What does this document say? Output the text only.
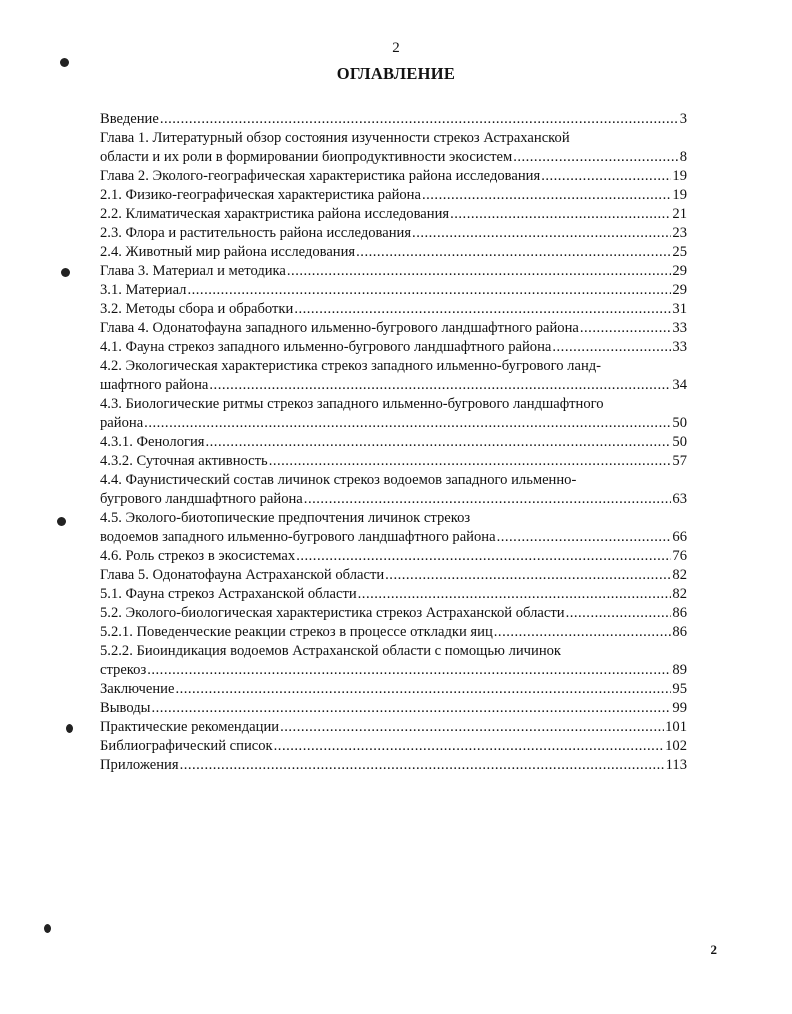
2
ОГЛАВЛЕНИЕ
Введение .....	3
Глава 1. Литературный обзор состояния изученности стрекоз Астраханской
области и их роли в формировании биопродуктивности экосистем .....	8
Глава 2. Эколого-географическая характеристика района исследования .....	19
2.1. Физико-географическая характеристика района .....	19
2.2. Климатическая характристика района исследования .....	21
2.3. Флора и растительность района исследования .....	23
2.4. Животный мир района исследования .....	25
Глава 3. Материал и методика .....	29
3.1. Материал .....	29
3.2. Методы сбора и обработки .....	31
Глава 4. Одонатофауна западного ильменно-бугрового ландшафтного района .....	33
4.1. Фауна стрекоз западного ильменно-бугрового ландшафтного района .....	33
4.2. Экологическая характеристика стрекоз западного ильменно-бугрового ланд-
шафтного района .....	34
4.3. Биологические ритмы стрекоз западного ильменно-бугрового ландшафтного
района .....	50
4.3.1. Фенология .....	50
4.3.2. Суточная активность .....	57
4.4. Фаунистический состав личинок стрекоз водоемов западного ильменно-
бугрового ландшафтного района .....	63
4.5. Эколого-биотопические предпочтения личинок стрекоз
водоемов западного ильменно-бугрового ландшафтного района .....	66
4.6. Роль стрекоз в экосистемах .....	76
Глава 5. Одонатофауна Астраханской области .....	82
5.1. Фауна стрекоз Астраханской области .....	82
5.2. Эколого-биологическая характеристика стрекоз Астраханской области .....	86
5.2.1. Поведенческие реакции стрекоз в процессе откладки яиц .....	86
5.2.2. Биоиндикация водоемов Астраханской области с помощью личинок
стрекоз .....	89
Заключение .....	95
Выводы .....	99
Практические рекомендации .....	101
Библиографический список .....	102
Приложения .....	113
2
